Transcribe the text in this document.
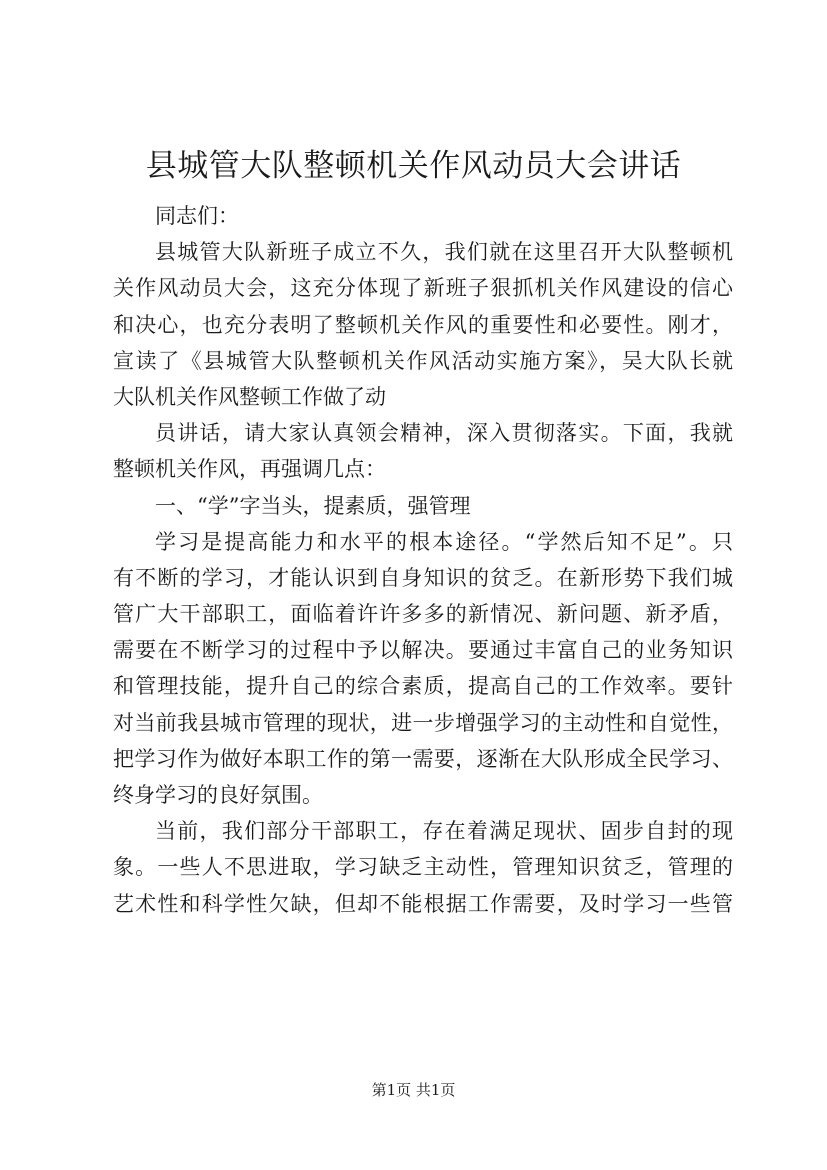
县城管大队整顿机关作风动员大会讲话
同志们：
县城管大队新班子成立不久，我们就在这里召开大队整顿机
关作风动员大会，这充分体现了新班子狠抓机关作风建设的信心
和决心，也充分表明了整顿机关作风的重要性和必要性。刚才，
宣读了《县城管大队整顿机关作风活动实施方案》，吴大队长就
大队机关作风整顿工作做了动
员讲话，请大家认真领会精神，深入贯彻落实。下面，我就
整顿机关作风，再强调几点：
一、“学”字当头，提素质，强管理
学习是提高能力和水平的根本途径。“学然后知不足”。只
有不断的学习，才能认识到自身知识的贫乏。在新形势下我们城
管广大干部职工，面临着许许多多的新情况、新问题、新矛盾，
需要在不断学习的过程中予以解决。要通过丰富自己的业务知识
和管理技能，提升自己的综合素质，提高自己的工作效率。要针
对当前我县城市管理的现状，进一步增强学习的主动性和自觉性，
把学习作为做好本职工作的第一需要，逐渐在大队形成全民学习、
终身学习的良好氛围。
当前，我们部分干部职工，存在着满足现状、固步自封的现
象。一些人不思进取，学习缺乏主动性，管理知识贫乏，管理的
艺术性和科学性欠缺，但却不能根据工作需要，及时学习一些管
第1页 共1页
